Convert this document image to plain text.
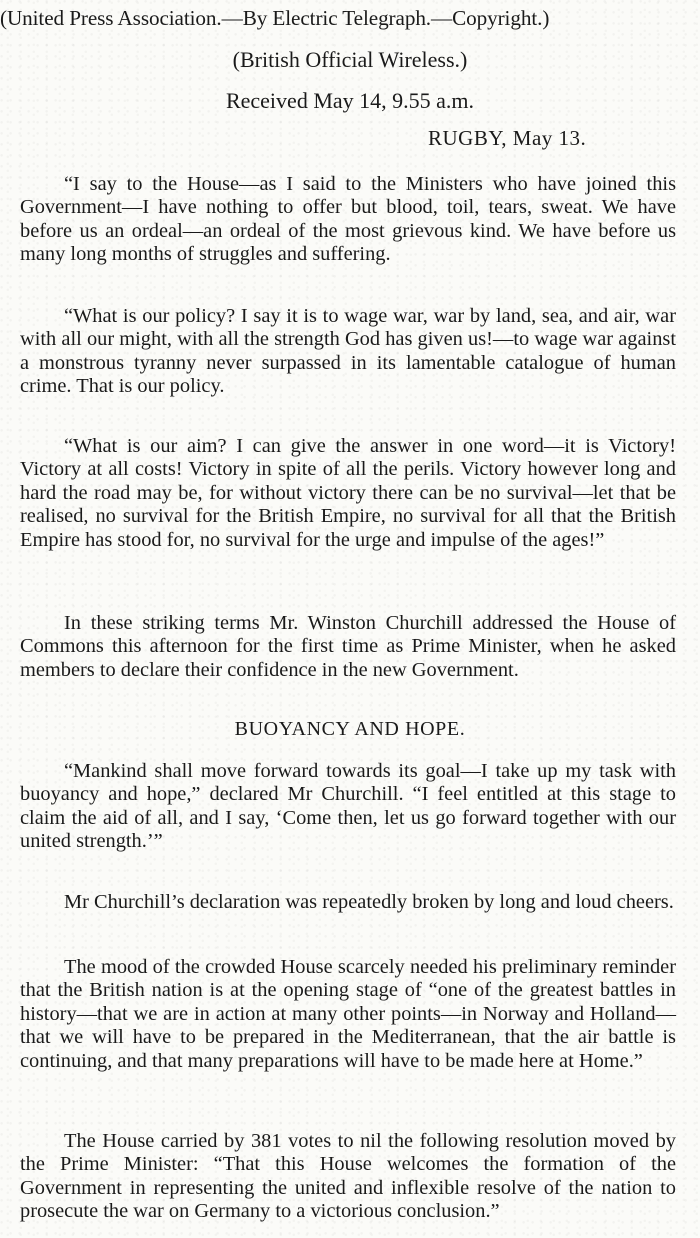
(United Press Association.—By Electric Telegraph.—Copyright.)
(British Official Wireless.)
Received May 14, 9.55 a.m.
RUGBY, May 13.

“I say to the House—as I said to the Ministers who have joined this Government—I have nothing to offer but blood, toil, tears, sweat. We have before us an ordeal—an ordeal of the most grievous kind. We have before us many long months of struggles and suffering.

“What is our policy? I say it is to wage war, war by land, sea, and air, war with all our might, with all the strength God has given us!—to wage war against a monstrous tyranny never surpassed in its lamentable catalogue of human crime. That is our policy.

“What is our aim? I can give the answer in one word—it is Victory! Victory at all costs! Victory in spite of all the perils. Victory however long and hard the road may be, for without victory there can be no survival—let that be realised, no survival for the British Empire, no survival for all that the British Empire has stood for, no survival for the urge and impulse of the ages!”

In these striking terms Mr. Winston Churchill addressed the House of Commons this afternoon for the first time as Prime Minister, when he asked members to declare their confidence in the new Government.

BUOYANCY AND HOPE.

“Mankind shall move forward towards its goal—I take up my task with buoyancy and hope,” declared Mr Churchill. “I feel entitled at this stage to claim the aid of all, and I say, ‘Come then, let us go forward together with our united strength.’”

Mr Churchill’s declaration was repeatedly broken by long and loud cheers.

The mood of the crowded House scarcely needed his preliminary reminder that the British nation is at the opening stage of “one of the greatest battles in history—that we are in action at many other points—in Norway and Holland—that we will have to be prepared in the Mediterranean, that the air battle is continuing, and that many preparations will have to be made here at Home.”

The House carried by 381 votes to nil the following resolution moved by the Prime Minister: “That this House welcomes the formation of the Government in representing the united and inflexible resolve of the nation to prosecute the war on Germany to a victorious conclusion.”
